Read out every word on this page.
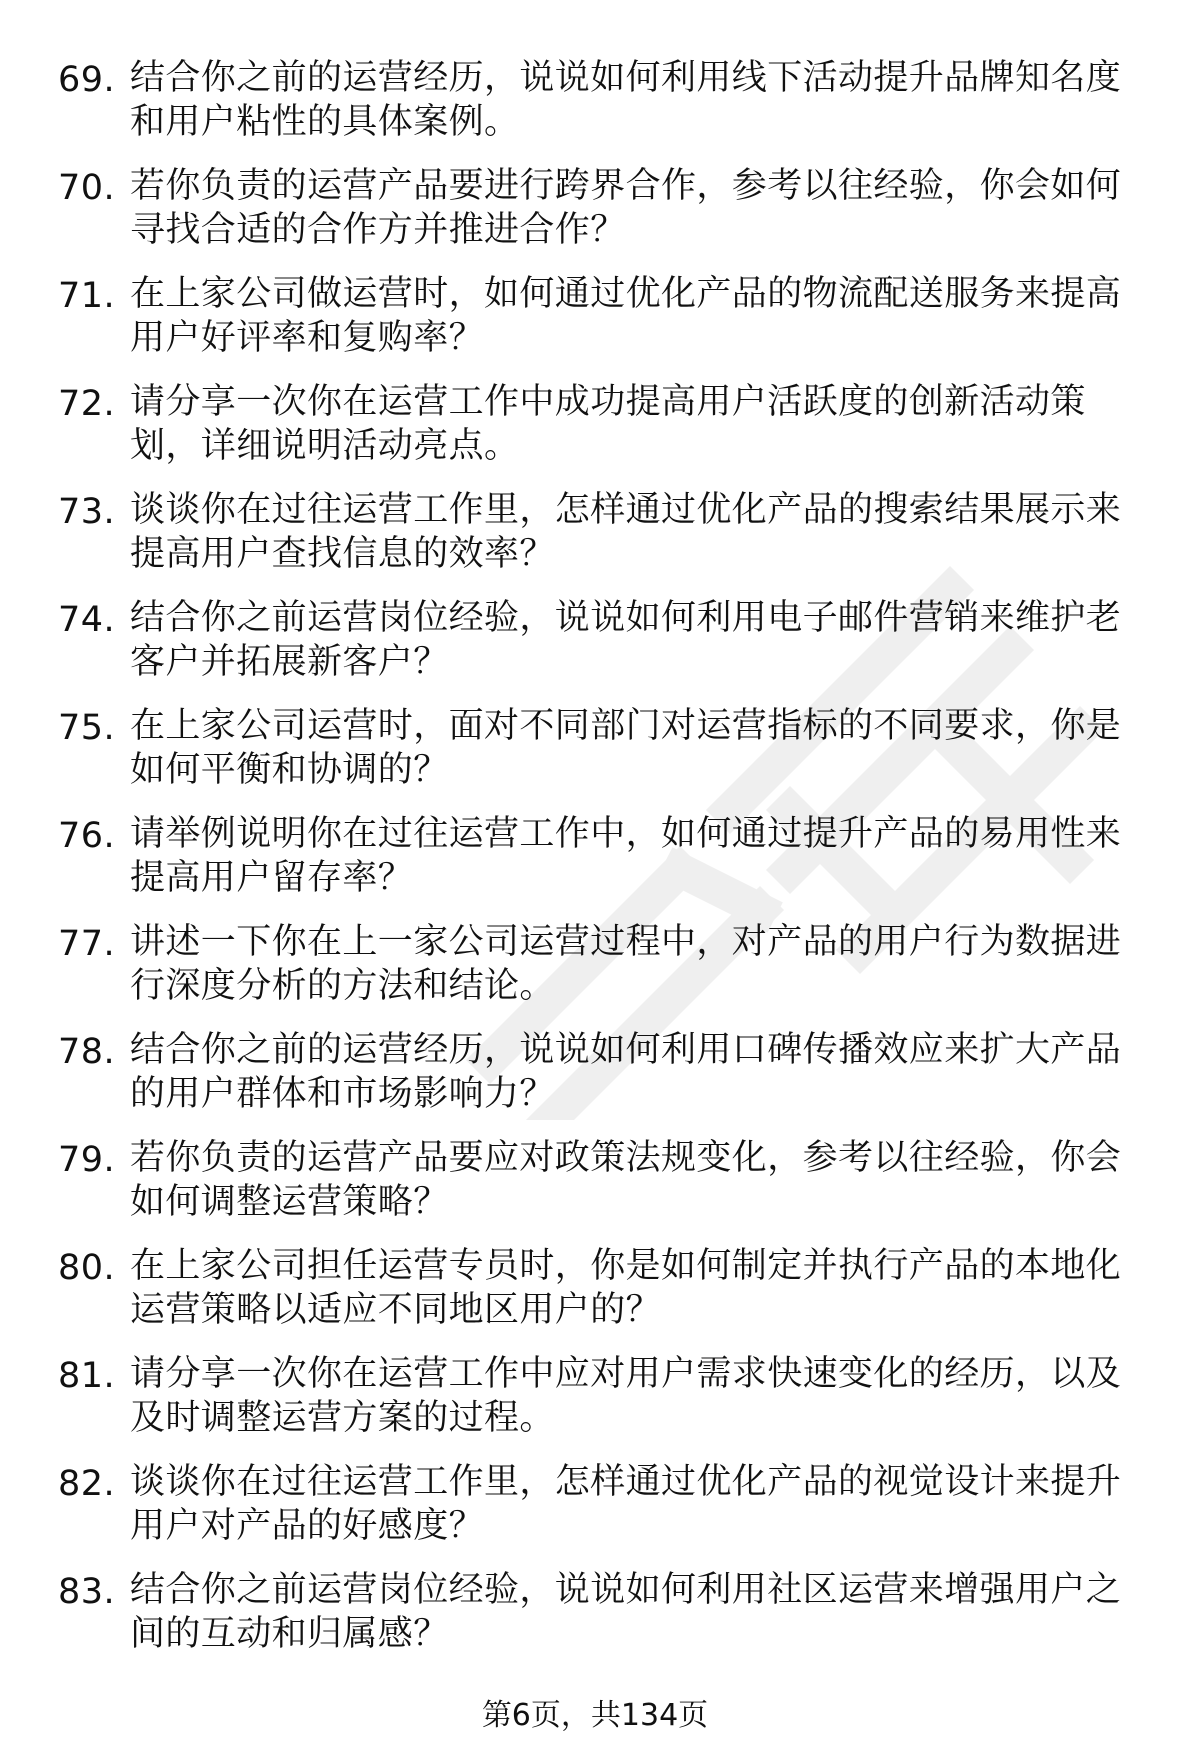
69. 结合你之前的运营经历，说说如何利用线下活动提升品牌知名度和用户粘性的具体案例。
70. 若你负责的运营产品要进行跨界合作，参考以往经验，你会如何寻找合适的合作方并推进合作？
71. 在上家公司做运营时，如何通过优化产品的物流配送服务来提高用户好评率和复购率？
72. 请分享一次你在运营工作中成功提高用户活跃度的创新活动策划，详细说明活动亮点。
73. 谈谈你在过往运营工作里，怎样通过优化产品的搜索结果展示来提高用户查找信息的效率？
74. 结合你之前运营岗位经验，说说如何利用电子邮件营销来维护老客户并拓展新客户？
75. 在上家公司运营时，面对不同部门对运营指标的不同要求，你是如何平衡和协调的？
76. 请举例说明你在过往运营工作中，如何通过提升产品的易用性来提高用户留存率？
77. 讲述一下你在上一家公司运营过程中，对产品的用户行为数据进行深度分析的方法和结论。
78. 结合你之前的运营经历，说说如何利用口碑传播效应来扩大产品的用户群体和市场影响力？
79. 若你负责的运营产品要应对政策法规变化，参考以往经验，你会如何调整运营策略？
80. 在上家公司担任运营专员时，你是如何制定并执行产品的本地化运营策略以适应不同地区用户的？
81. 请分享一次你在运营工作中应对用户需求快速变化的经历，以及及时调整运营方案的过程。
82. 谈谈你在过往运营工作里，怎样通过优化产品的视觉设计来提升用户对产品的好感度？
83. 结合你之前运营岗位经验，说说如何利用社区运营来增强用户之间的互动和归属感？
第6页，共134页
